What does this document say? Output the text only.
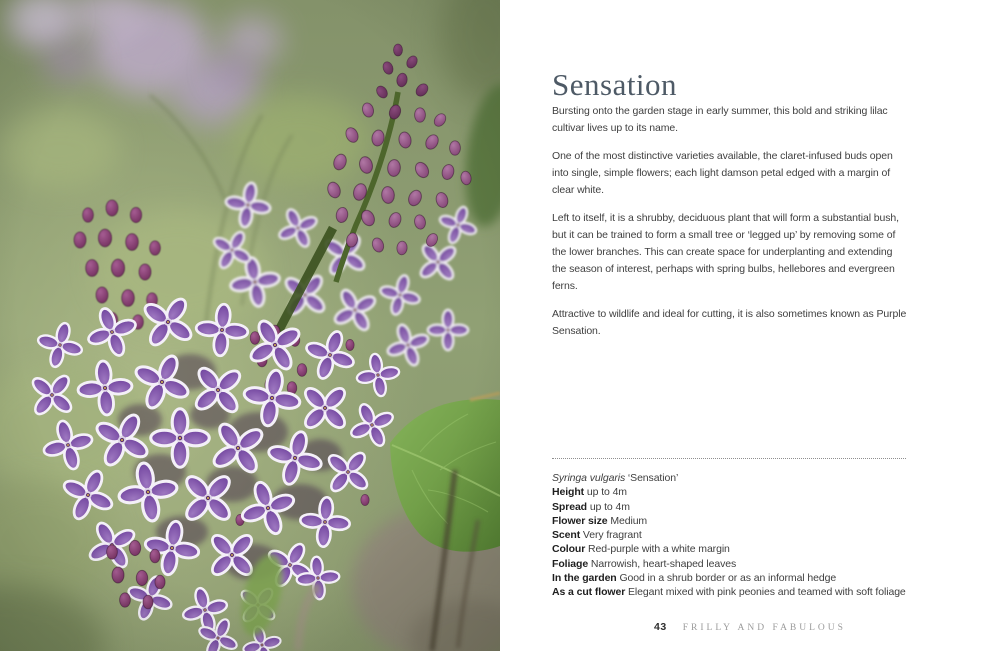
Sensation

Bursting onto the garden stage in early summer, this bold and striking lilac cultivar lives up to its name.

One of the most distinctive varieties available, the claret-infused buds open into single, simple flowers; each light damson petal edged with a margin of clear white.

Left to itself, it is a shrubby, deciduous plant that will form a substantial bush, but it can be trained to form a small tree or ‘legged up’ by removing some of the lower branches. This can create space for underplanting and extending the season of interest, perhaps with spring bulbs, hellebores and evergreen ferns.

Attractive to wildlife and ideal for cutting, it is also sometimes known as Purple Sensation.

Syringa vulgaris ‘Sensation’
Height up to 4m
Spread up to 4m
Flower size Medium
Scent Very fragrant
Colour Red-purple with a white margin
Foliage Narrowish, heart-shaped leaves
In the garden Good in a shrub border or as an informal hedge
As a cut flower Elegant mixed with pink peonies and teamed with soft foliage
43 FRILLY AND FABULOUS
